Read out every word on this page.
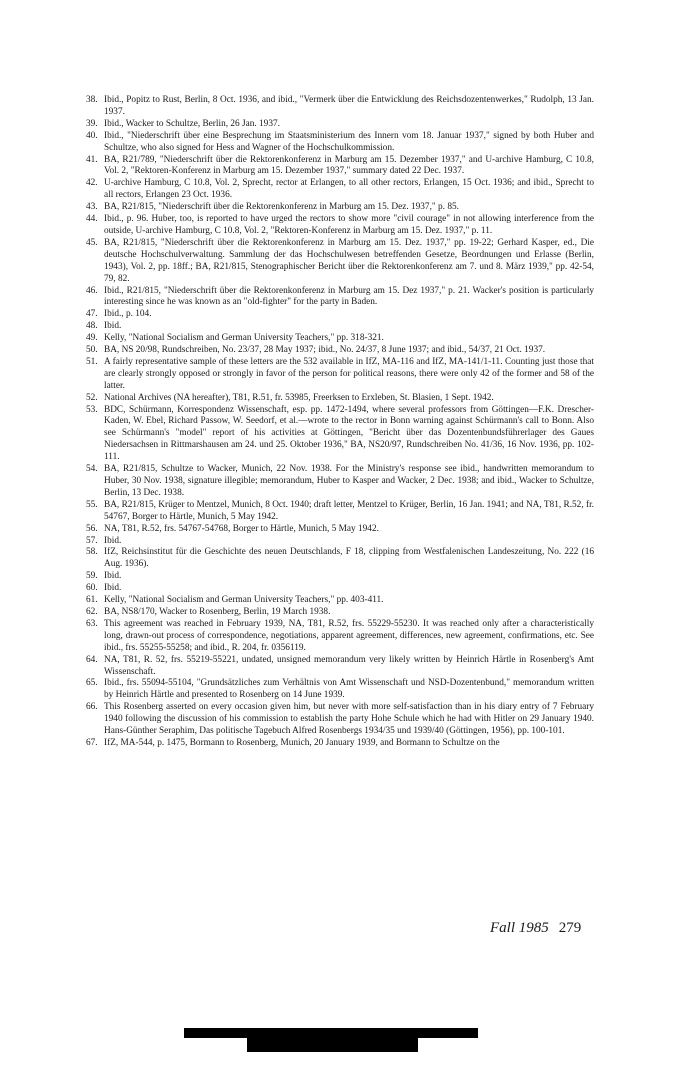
38. Ibid., Popitz to Rust, Berlin, 8 Oct. 1936, and ibid., "Vermerk über die Entwicklung des Reichsdozentenwerkes," Rudolph, 13 Jan. 1937.
39. Ibid., Wacker to Schultze, Berlin, 26 Jan. 1937.
40. Ibid., "Niederschrift über eine Besprechung im Staatsministerium des Innern vom 18. Januar 1937," signed by both Huber and Schultze, who also signed for Hess and Wagner of the Hochschulkommission.
41. BA, R21/789, "Niederschrift über die Rektorenkonferenz in Marburg am 15. Dezember 1937," and U-archive Hamburg, C 10.8, Vol. 2, "Rektoren-Konferenz in Marburg am 15. Dezember 1937," summary dated 22 Dec. 1937.
42. U-archive Hamburg, C 10.8, Vol. 2, Sprecht, rector at Erlangen, to all other rectors, Erlangen, 15 Oct. 1936; and ibid., Sprecht to all rectors, Erlangen 23 Oct. 1936.
43. BA, R21/815, "Niederschrift über die Rektorenkonferenz in Marburg am 15. Dez. 1937," p. 85.
44. Ibid., p. 96. Huber, too, is reported to have urged the rectors to show more "civil courage" in not allowing interference from the outside, U-archive Hamburg, C 10.8, Vol. 2, "Rektoren-Konferenz in Marburg am 15. Dez. 1937," p. 11.
45. BA, R21/815, "Niederschrift über die Rektorenkonferenz in Marburg am 15. Dez. 1937," pp. 19-22; Gerhard Kasper, ed., Die deutsche Hochschulverwaltung. Sammlung der das Hochschulwesen betreffenden Gesetze, Beordnungen und Erlasse (Berlin, 1943), Vol. 2, pp. 18ff.; BA, R21/815, Stenographischer Bericht über die Rektorenkonferenz am 7. und 8. März 1939," pp. 42-54, 79, 82.
46. Ibid., R21/815, "Niederschrift über die Rektorenkonferenz in Marburg am 15. Dez 1937," p. 21. Wacker's position is particularly interesting since he was known as an "old-fighter" for the party in Baden.
47. Ibid., p. 104.
48. Ibid.
49. Kelly, "National Socialism and German University Teachers," pp. 318-321.
50. BA, NS 20/98, Rundschreiben, No. 23/37, 28 May 1937; ibid., No. 24/37, 8 June 1937; and ibid., 54/37, 21 Oct. 1937.
51. A fairly representative sample of these letters are the 532 available in IfZ, MA-116 and IfZ, MA-141/1-11. Counting just those that are clearly strongly opposed or strongly in favor of the person for political reasons, there were only 42 of the former and 58 of the latter.
52. National Archives (NA hereafter), T81, R.51, fr. 53985, Freerksen to Erxleben, St. Blasien, 1 Sept. 1942.
53. BDC, Schürmann, Korrespondenz Wissenschaft, esp. pp. 1472-1494, where several professors from Göttingen—F.K. Drescher-Kaden, W. Ebel, Richard Passow, W. Seedorf, et al.—wrote to the rector in Bonn warning against Schürmann's call to Bonn. Also see Schürmann's "model" report of his activities at Göttingen, "Bericht über das Dozentenbundsführerlager des Gaues Niedersachsen in Rittmarshausen am 24. und 25. Oktober 1936," BA, NS20/97, Rundschreiben No. 41/36, 16 Nov. 1936, pp. 102-111.
54. BA, R21/815, Schultze to Wacker, Munich, 22 Nov. 1938. For the Ministry's response see ibid., handwritten memorandum to Huber, 30 Nov. 1938, signature illegible; memorandum, Huber to Kasper and Wacker, 2 Dec. 1938; and ibid., Wacker to Schultze, Berlin, 13 Dec. 1938.
55. BA, R21/815, Krüger to Mentzel, Munich, 8 Oct. 1940; draft letter, Mentzel to Krüger, Berlin, 16 Jan. 1941; and NA, T81, R.52, fr. 54767, Borger to Härtle, Munich, 5 May 1942.
56. NA, T81, R.52, frs. 54767-54768, Borger to Härtle, Munich, 5 May 1942.
57. Ibid.
58. IfZ, Reichsinstitut für die Geschichte des neuen Deutschlands, F 18, clipping from Westfalenischen Landeszeitung, No. 222 (16 Aug. 1936).
59. Ibid.
60. Ibid.
61. Kelly, "National Socialism and German University Teachers," pp. 403-411.
62. BA, NS8/170, Wacker to Rosenberg, Berlin, 19 March 1938.
63. This agreement was reached in February 1939, NA, T81, R.52, frs. 55229-55230. It was reached only after a characteristically long, drawn-out process of correspondence, negotiations, apparent agreement, differences, new agreement, confirmations, etc. See ibid., frs. 55255-55258; and ibid., R. 204, fr. 0356119.
64. NA, T81, R. 52, frs. 55219-55221, undated, unsigned memorandum very likely written by Heinrich Härtle in Rosenberg's Amt Wissenschaft.
65. Ibid., frs. 55094-55104, "Grundsätzliches zum Verhältnis von Amt Wissenschaft und NSD-Dozentenbund," memorandum written by Heinrich Härtle and presented to Rosenberg on 14 June 1939.
66. This Rosenberg asserted on every occasion given him, but never with more self-satisfaction than in his diary entry of 7 February 1940 following the discussion of his commission to establish the party Hohe Schule which he had with Hitler on 29 January 1940. Hans-Günther Seraphim, Das politische Tagebuch Alfred Rosenbergs 1934/35 und 1939/40 (Göttingen, 1956), pp. 100-101.
67. IfZ, MA-544, p. 1475, Bormann to Rosenberg, Munich, 20 January 1939, and Bormann to Schultze on the
Fall 1985 279
